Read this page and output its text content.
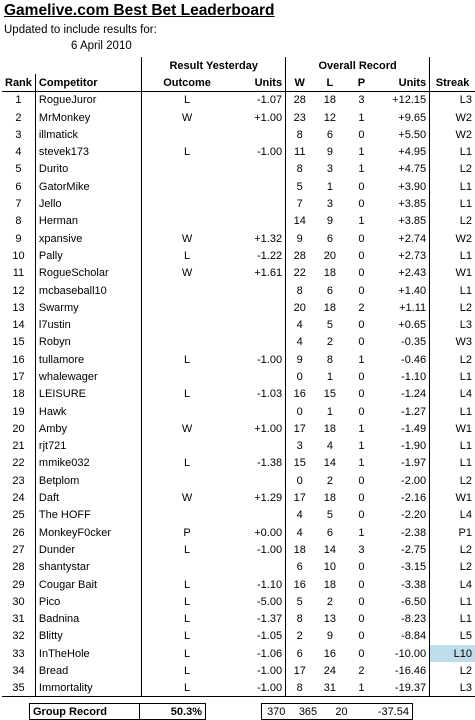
Gamelive.com Best Bet Leaderboard
Updated to include results for:
6 April 2010
		Result Yesterday		Overall Record				
Rank	Competitor	Outcome	Units	W	L	P	Units	Streak
1	RogueJuror	L	-1.07	28	18	3	+12.15	L3
2	MrMonkey	W	+1.00	23	12	1	+9.65	W2
3	illmatick			8	6	0	+5.50	W2
4	stevek173	L	-1.00	11	9	1	+4.95	L1
5	Durito			8	3	1	+4.75	L2
6	GatorMike			5	1	0	+3.90	L1
7	Jello			7	3	0	+3.85	L1
8	Herman			14	9	1	+3.85	L2
9	xpansive	W	+1.32	9	6	0	+2.74	W2
10	Pally	L	-1.22	28	20	0	+2.73	L1
11	RogueScholar	W	+1.61	22	18	0	+2.43	W1
12	mcbaseball10			8	6	0	+1.40	L1
13	Swarmy			20	18	2	+1.11	L2
14	l7ustin			4	5	0	+0.65	L3
15	Robyn			4	2	0	-0.35	W3
16	tullamore	L	-1.00	9	8	1	-0.46	L2
17	whalewager			0	1	0	-1.10	L1
18	LEISURE	L	-1.03	16	15	0	-1.24	L4
19	Hawk			0	1	0	-1.27	L1
20	Amby	W	+1.00	17	18	1	-1.49	W1
21	rjt721			3	4	1	-1.90	L1
22	mmike032	L	-1.38	15	14	1	-1.97	L1
23	Betplom			0	2	0	-2.00	L2
24	Daft	W	+1.29	17	18	0	-2.16	W1
25	The HOFF			4	5	0	-2.20	L4
26	MonkeyF0cker	P	+0.00	4	6	1	-2.38	P1
27	Dunder	L	-1.00	18	14	3	-2.75	L2
28	shantystar			6	10	0	-3.15	L2
29	Cougar Bait	L	-1.10	16	18	0	-3.38	L4
30	Pico	L	-5.00	5	2	0	-6.50	L1
31	Badnina	L	-1.37	8	13	0	-8.23	L1
32	Blitty	L	-1.05	2	9	0	-8.84	L5
33	InTheHole	L	-1.06	6	16	0	-10.00	L10
34	Bread	L	-1.00	17	24	2	-16.46	L2
35	Immortality	L	-1.00	8	31	1	-19.37	L3
Group Record	50.3%		370	365	20	-37.54
